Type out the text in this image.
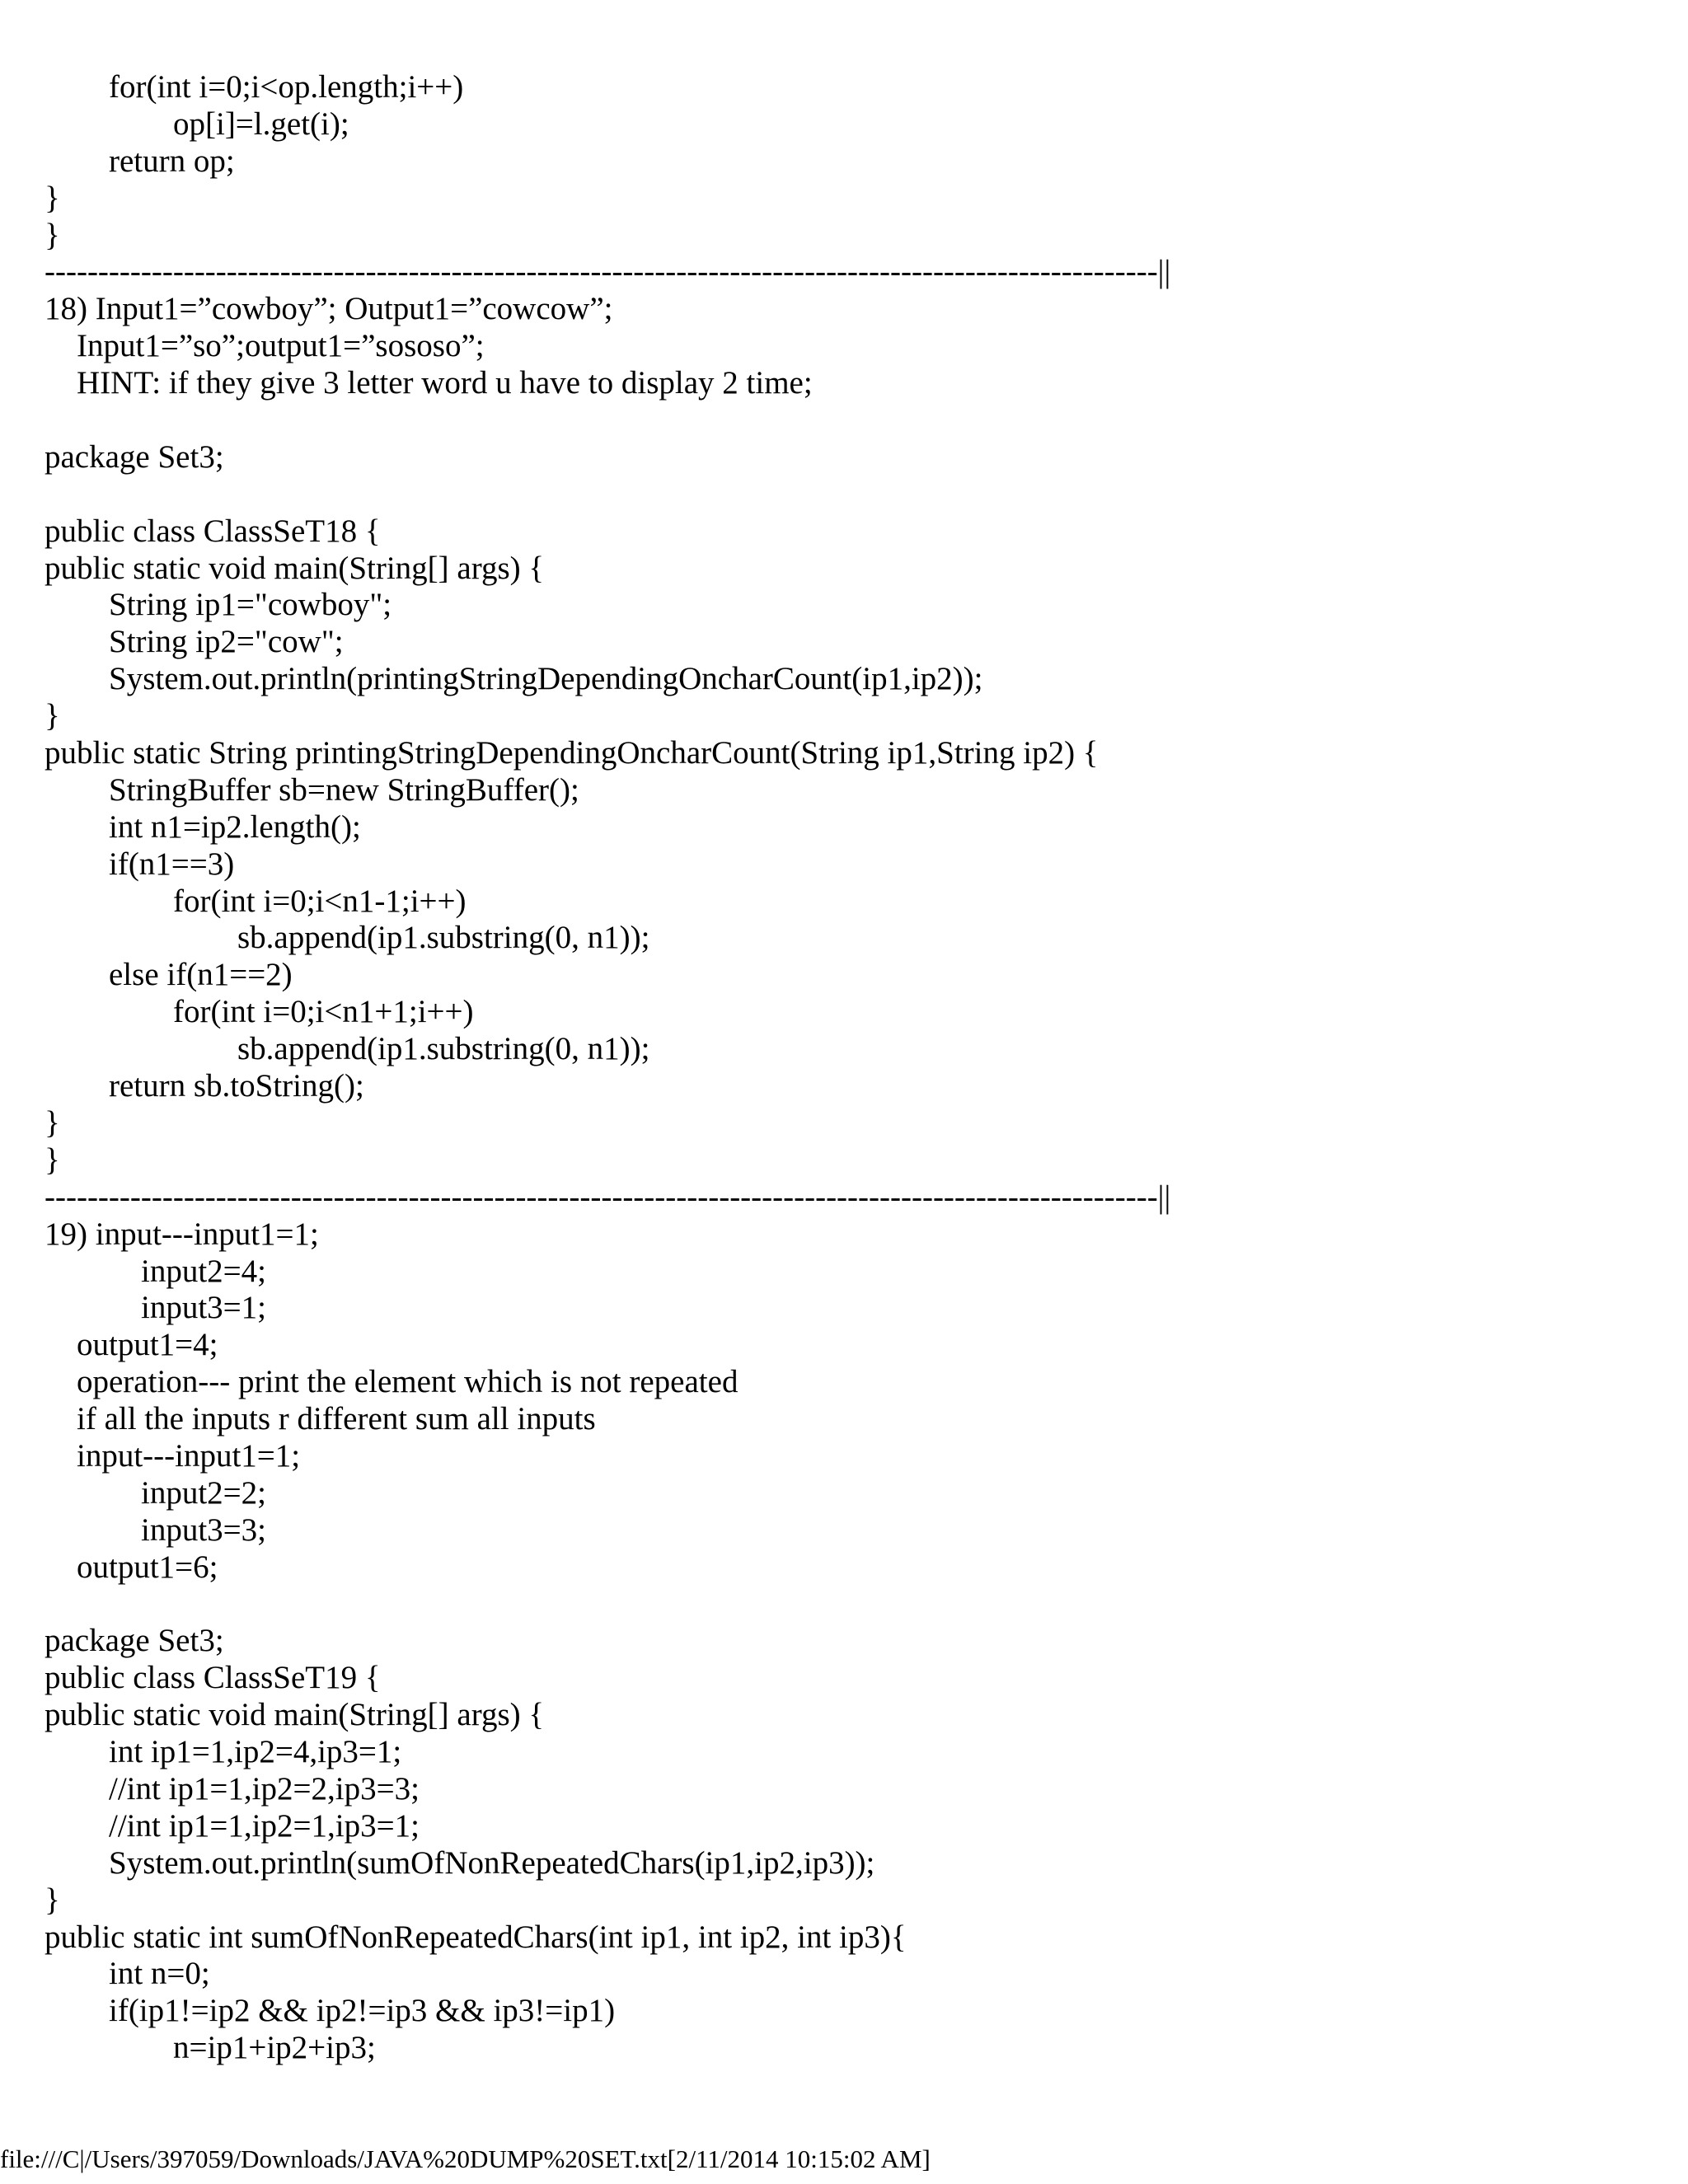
for(int i=0;i<op.length;i++)
op[i]=l.get(i);
return op;
}
}
--------------------------------------------------------------------------------------------------------||
18) Input1=”cowboy”; Output1=”cowcow”;
Input1=”so”;output1=”sososo”;
HINT: if they give 3 letter word u have to display 2 time;
package Set3;
public class ClassSeT18 {
public static void main(String[] args) {
String ip1="cowboy";
String ip2="cow";
System.out.println(printingStringDependingOncharCount(ip1,ip2));
}
public static String printingStringDependingOncharCount(String ip1,String ip2) {
StringBuffer sb=new StringBuffer();
int n1=ip2.length();
if(n1==3)
for(int i=0;i<n1-1;i++)
sb.append(ip1.substring(0, n1));
else if(n1==2)
for(int i=0;i<n1+1;i++)
sb.append(ip1.substring(0, n1));
return sb.toString();
}
}
--------------------------------------------------------------------------------------------------------||
19) input---input1=1;
input2=4;
input3=1;
output1=4;
operation--- print the element which is not repeated
if all the inputs r different sum all inputs
input---input1=1;
input2=2;
input3=3;
output1=6;
package Set3;
public class ClassSeT19 {
public static void main(String[] args) {
int ip1=1,ip2=4,ip3=1;
//int ip1=1,ip2=2,ip3=3;
//int ip1=1,ip2=1,ip3=1;
System.out.println(sumOfNonRepeatedChars(ip1,ip2,ip3));
}
public static int sumOfNonRepeatedChars(int ip1, int ip2, int ip3){
int n=0;
if(ip1!=ip2 && ip2!=ip3 && ip3!=ip1)
n=ip1+ip2+ip3;
file:///C|/Users/397059/Downloads/JAVA%20DUMP%20SET.txt[2/11/2014 10:15:02 AM]
